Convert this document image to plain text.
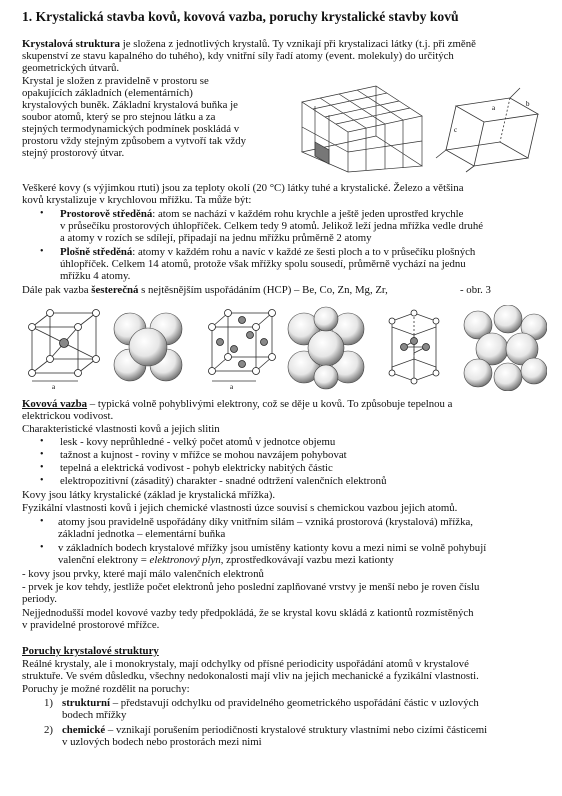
1. Krystalická stavba kovů, kovová vazba, poruchy krystalické stavby kovů
Krystalová struktura je složena z jednotlivých krystalů. Ty vznikají při krystalizaci látky (t.j. při změně
skupenství ze stavu kapalného do tuhého), kdy vnitřní síly řadí atomy (event. molekuly) do určitých
geometrických útvarů.
Krystal je složen z pravidelně v prostoru se
opakujících základních (elementárních)
krystalových buněk. Základní krystalová buňka je
soubor atomů, který se pro stejnou látku a za
stejných termodynamických podmínek poskládá v
prostoru vždy stejným způsobem a vytvoří tak vždy
stejný prostorový útvar.
a	b
c
Veškeré kovy (s výjimkou rtuti) jsou za teploty okolí (20 °C) látky tuhé a krystalické. Železo a většina
kovů krystalizuje v krychlovou mřížku. Ta může být:
• Prostorově středěná: atom se nachází v každém rohu krychle a ještě jeden uprostřed krychle
v průsečíku prostorových úhlopříček. Celkem tedy 9 atomů. Jelikož leží jedna mřížka vedle druhé
a atomy v rozích se sdílejí, připadají na jednu mřížku průměrně 2 atomy
• Plošně středěná: atomy v každém rohu a navíc v každé ze šesti ploch a to v průsečíku plošných
úhlopříček. Celkem 14 atomů, protože však mřížky spolu sousedí, průměrně vychází na jednu
mřížku 4 atomy.
Dále pak vazba šesterečná s nejtěsnějším uspořádáním (HCP) – Be, Co, Zn, Mg, Zr,	- obr. 3
a	a
Kovová vazba – typická volně pohyblivými elektrony, což se děje u kovů. To způsobuje tepelnou a
elektrickou vodivost.
Charakteristické vlastnosti kovů a jejich slitin
• lesk - kovy neprůhledné - velký počet atomů v jednotce objemu
• tažnost a kujnost - roviny v mřížce se mohou navzájem pohybovat
• tepelná a elektrická vodivost - pohyb elektricky nabitých částic
• elektropozitivní (zásaditý) charakter - snadné odtržení valenčních elektronů
Kovy jsou látky krystalické (základ je krystalická mřížka).
Fyzikální vlastnosti kovů i jejich chemické vlastnosti úzce souvisí s chemickou vazbou jejich atomů.
• atomy jsou pravidelně uspořádány díky vnitřním silám – vzniká prostorová (krystalová) mřížka,
základní jednotka – elementární buňka
• v základních bodech krystalové mřížky jsou umístěny kationty kovu a mezi nimi se volně pohybují
valenční elektrony = elektronový plyn, zprostředkovávají vazbu mezi kationty
- kovy jsou prvky, které mají málo valenčních elektronů
- prvek je kov tehdy, jestliže počet elektronů jeho poslední zaplňované vrstvy je menší nebo je roven číslu
periody.
Nejjednodušší model kovové vazby tedy předpokládá, že se krystal kovu skládá z kationtů rozmístěných
v pravidelné prostorové mřížce.
Poruchy krystalové struktury
Reálné krystaly, ale i monokrystaly, mají odchylky od přísné periodicity uspořádání atomů v krystalové
struktuře. Ve svém důsledku, všechny nedokonalosti mají vliv na jejich mechanické a fyzikální vlastnosti.
Poruchy je možné rozdělit na poruchy:
1) strukturní – představují odchylku od pravidelného geometrického uspořádání částic v uzlových
bodech mřížky
2) chemické – vznikají porušením periodičnosti krystalové struktury vlastními nebo cizími částicemi
v uzlových bodech nebo prostorách mezi nimi
